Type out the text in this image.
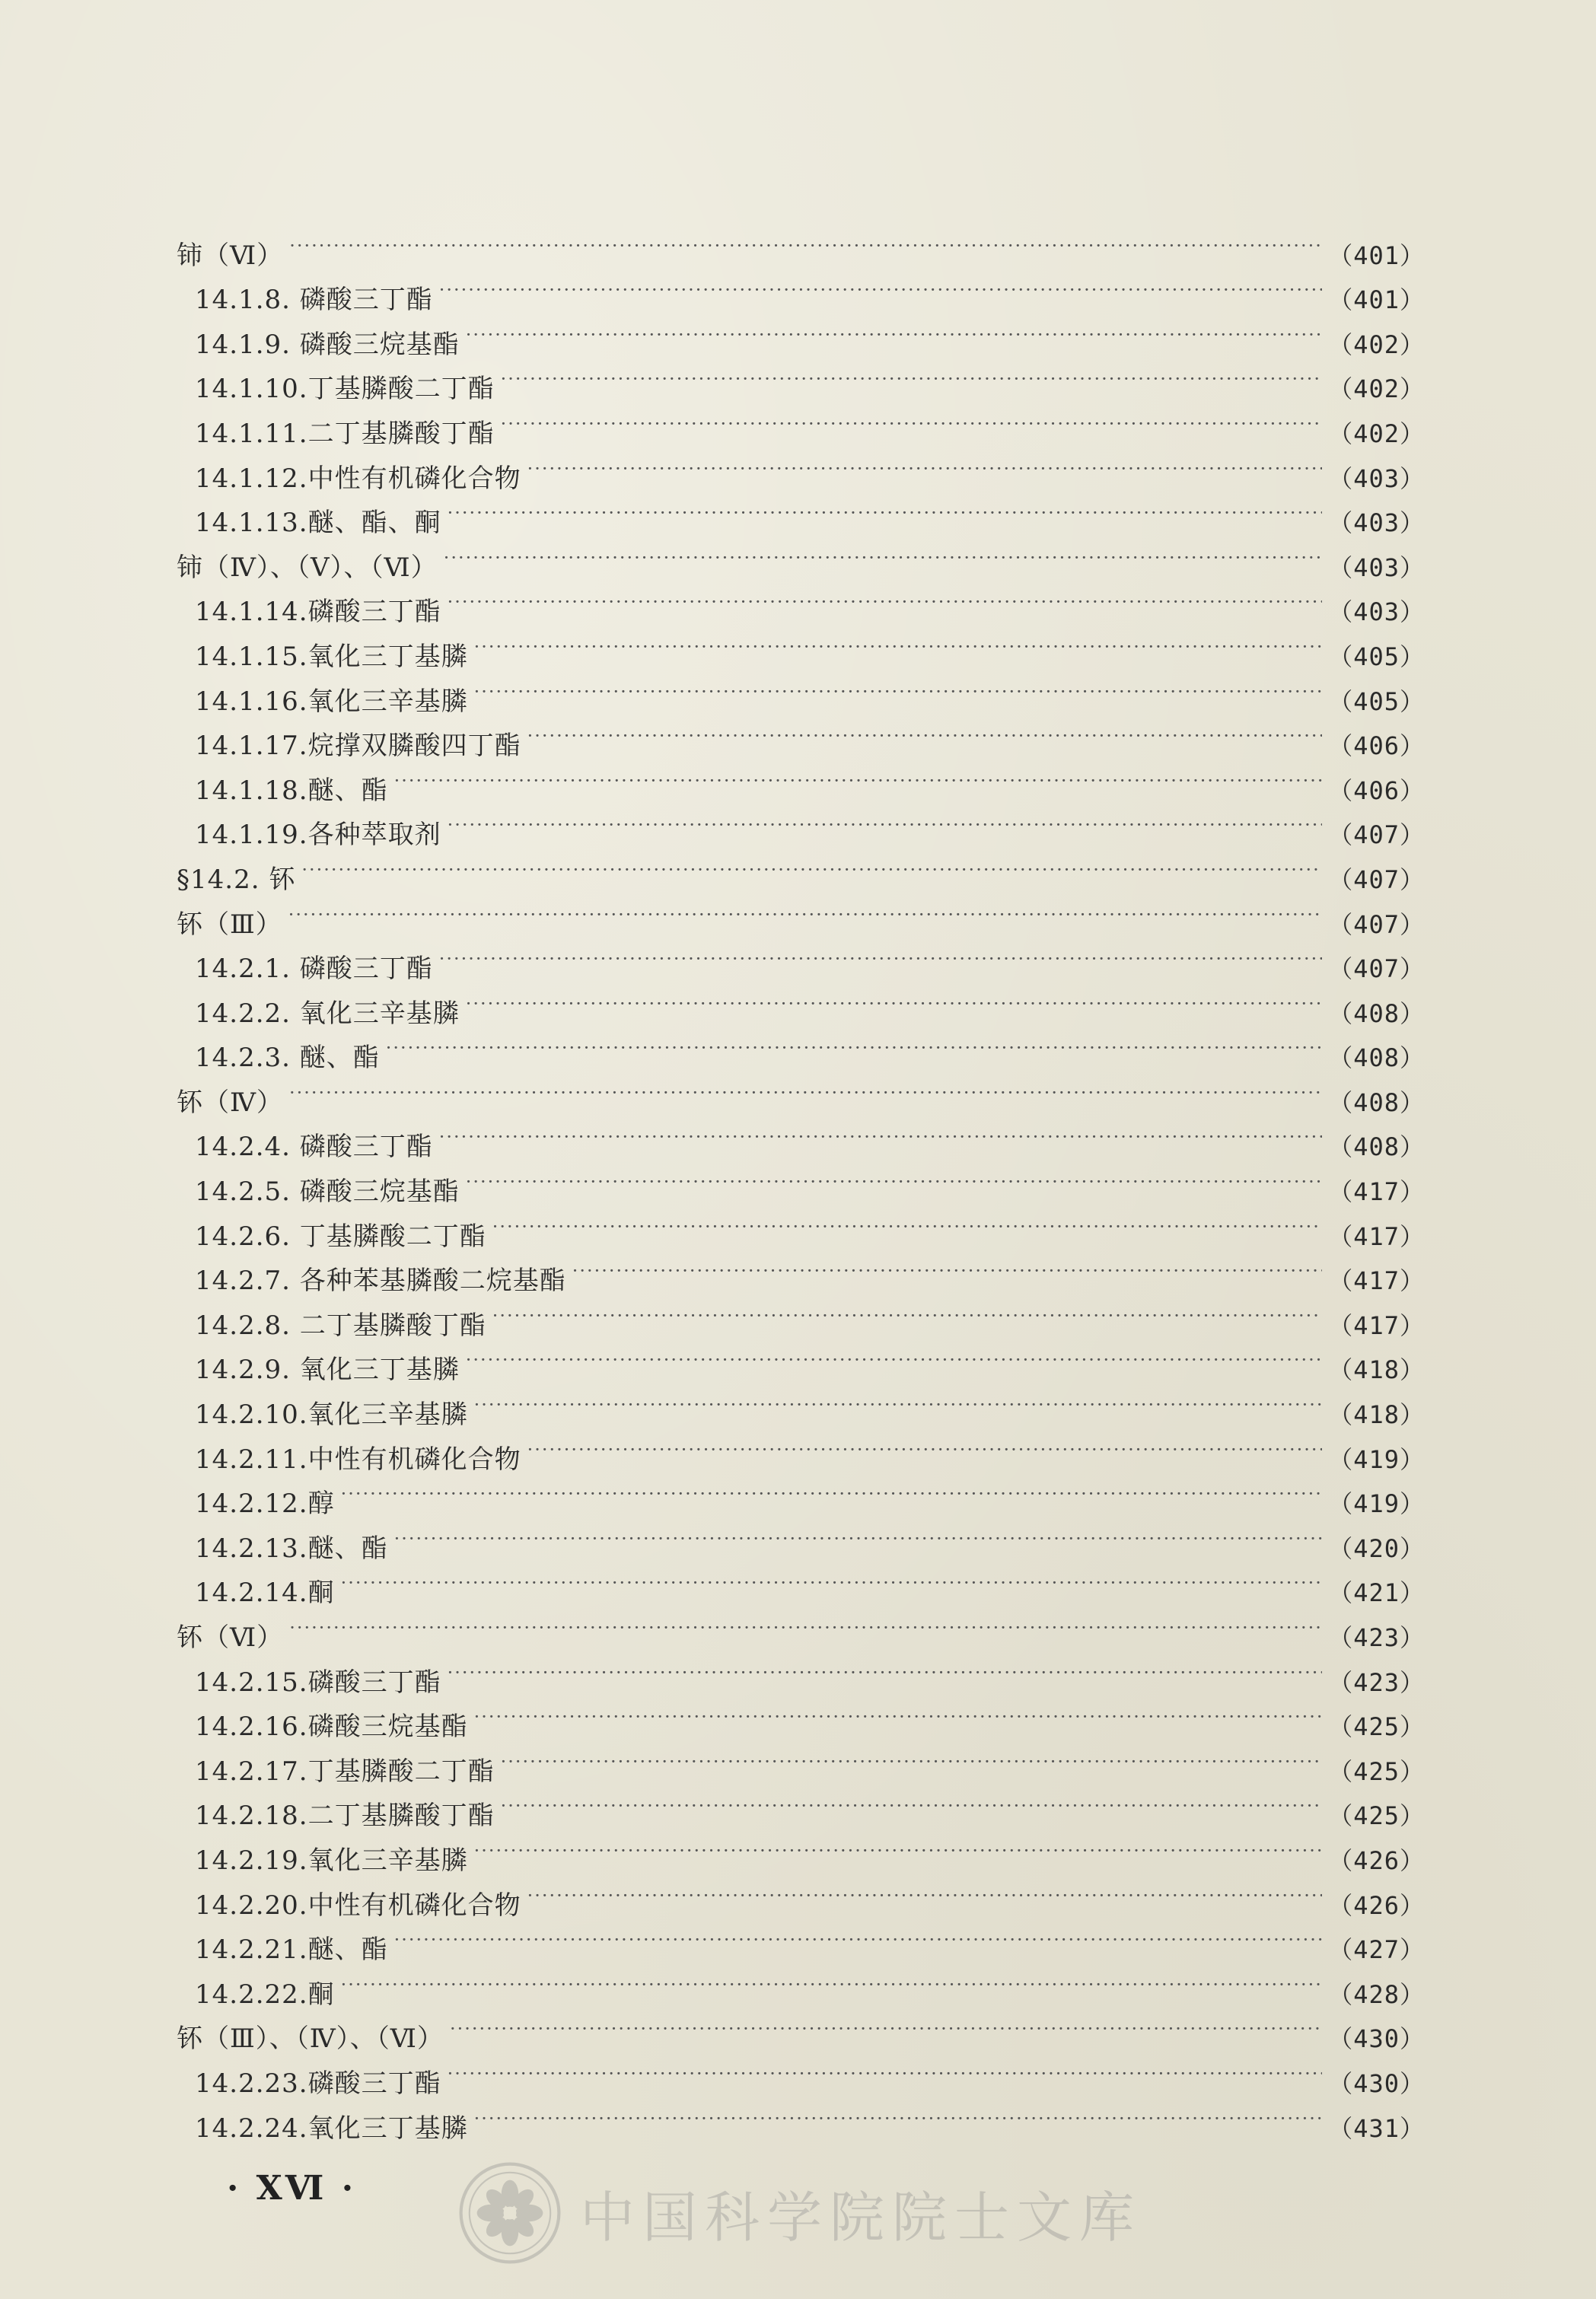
铈（Ⅵ） ·····	（401）
14.1.8. 磷酸三丁酯 ·····	（401）
14.1.9. 磷酸三烷基酯 ·····	（402）
14.1.10.丁基膦酸二丁酯 ·····	（402）
14.1.11.二丁基膦酸丁酯 ·····	（402）
14.1.12.中性有机磷化合物 ·····	（403）
14.1.13.醚、酯、酮 ·····	（403）
铈（Ⅳ）、（Ⅴ）、（Ⅵ） ·····	（403）
14.1.14.磷酸三丁酯 ·····	（403）
14.1.15.氧化三丁基膦 ·····	（405）
14.1.16.氧化三辛基膦 ·····	（405）
14.1.17.烷撑双膦酸四丁酯 ·····	（406）
14.1.18.醚、酯 ·····	（406）
14.1.19.各种萃取剂 ·····	（407）
§14.2. 钚 ·····	（407）
钚（Ⅲ） ·····	（407）
14.2.1. 磷酸三丁酯 ·····	（407）
14.2.2. 氧化三辛基膦 ·····	（408）
14.2.3. 醚、酯 ·····	（408）
钚（Ⅳ） ·····	（408）
14.2.4. 磷酸三丁酯 ·····	（408）
14.2.5. 磷酸三烷基酯 ·····	（417）
14.2.6. 丁基膦酸二丁酯 ·····	（417）
14.2.7. 各种苯基膦酸二烷基酯 ·····	（417）
14.2.8. 二丁基膦酸丁酯 ·····	（417）
14.2.9. 氧化三丁基膦 ·····	（418）
14.2.10.氧化三辛基膦 ·····	（418）
14.2.11.中性有机磷化合物 ·····	（419）
14.2.12.醇 ·····	（419）
14.2.13.醚、酯 ·····	（420）
14.2.14.酮 ·····	（421）
钚（Ⅵ） ·····	（423）
14.2.15.磷酸三丁酯 ·····	（423）
14.2.16.磷酸三烷基酯 ·····	（425）
14.2.17.丁基膦酸二丁酯 ·····	（425）
14.2.18.二丁基膦酸丁酯 ·····	（425）
14.2.19.氧化三辛基膦 ·····	（426）
14.2.20.中性有机磷化合物 ·····	（426）
14.2.21.醚、酯 ·····	（427）
14.2.22.酮 ·····	（428）
钚（Ⅲ）、（Ⅳ）、（Ⅵ） ·····	（430）
14.2.23.磷酸三丁酯 ·····	（430）
14.2.24.氧化三丁基膦 ·····	（431）
· XⅥ ·	中国科学院院士文库
